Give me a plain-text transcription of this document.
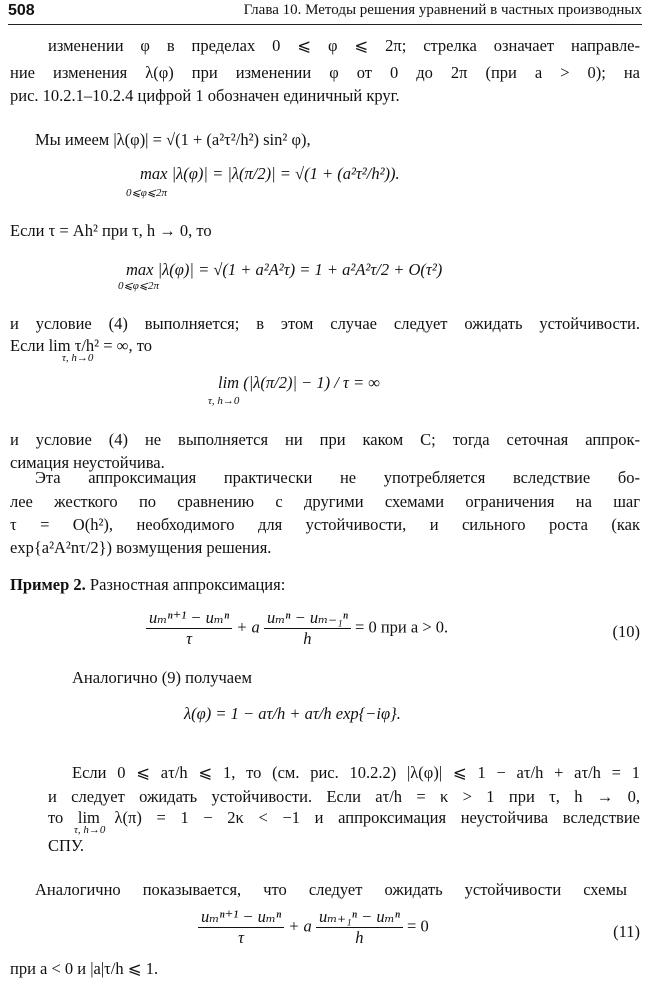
508	Глава 10. Методы решения уравнений в частных производных
изменении φ в пределах 0 ⩽ φ ⩽ 2π; стрелка означает направле-
ние изменения λ(φ) при изменении φ от 0 до 2π (при a > 0); на
рис. 10.2.1–10.2.4 цифрой 1 обозначен единичный круг.
Мы имеем |λ(φ)| = √(1 + (a²τ²/h²) sin² φ),
max |λ(φ)| = |λ(π/2)| = √(1 + (a²τ²/h²)).
0⩽φ⩽2π
Если τ = Ah² при τ, h → 0, то
max |λ(φ)| = √(1 + a²A²τ) = 1 + a²A²τ/2 + O(τ²)
0⩽φ⩽2π
и условие (4) выполняется; в этом случае следует ожидать устойчивости.
Если lim τ/h² = ∞, то
τ, h→0
lim (|λ(π/2)| − 1) / τ = ∞
τ, h→0
и условие (4) не выполняется ни при каком C; тогда сеточная аппрок-
симация неустойчива.
Эта аппроксимация практически не употребляется вследствие бо-
лее жесткого по сравнению с другими схемами ограничения на шаг
τ = O(h²), необходимого для устойчивости, и сильного роста (как
exp{a²A²nτ/2}) возмущения решения.
Пример 2. Разностная аппроксимация:
$\frac{\text{uₘⁿ⁺¹ − uₘⁿ}}{\tau} + a \frac{\text{uₘⁿ − uₘ₋₁ⁿ}}{h} = 0$ при a > 0.	(10)
Аналогично (9) получаем
λ(φ) = 1 − aτ/h + aτ/h exp{−iφ}.
Если 0 ⩽ aτ/h ⩽ 1, то (см. рис. 10.2.2) |λ(φ)| ⩽ 1 − aτ/h + aτ/h = 1
и следует ожидать устойчивости. Если aτ/h = κ > 1 при τ, h → 0,
то lim λ(π) = 1 − 2κ < −1 и аппроксимация неустойчива вследствие
τ, h→0
СПУ.
Аналогично показывается, что следует ожидать устойчивости схемы
$\frac{\text{uₘⁿ⁺¹ − uₘⁿ}}{\tau} + a \frac{\text{uₘ₊₁ⁿ − uₘⁿ}}{h} = 0$	(11)
при a < 0 и |a|τ/h ⩽ 1.
